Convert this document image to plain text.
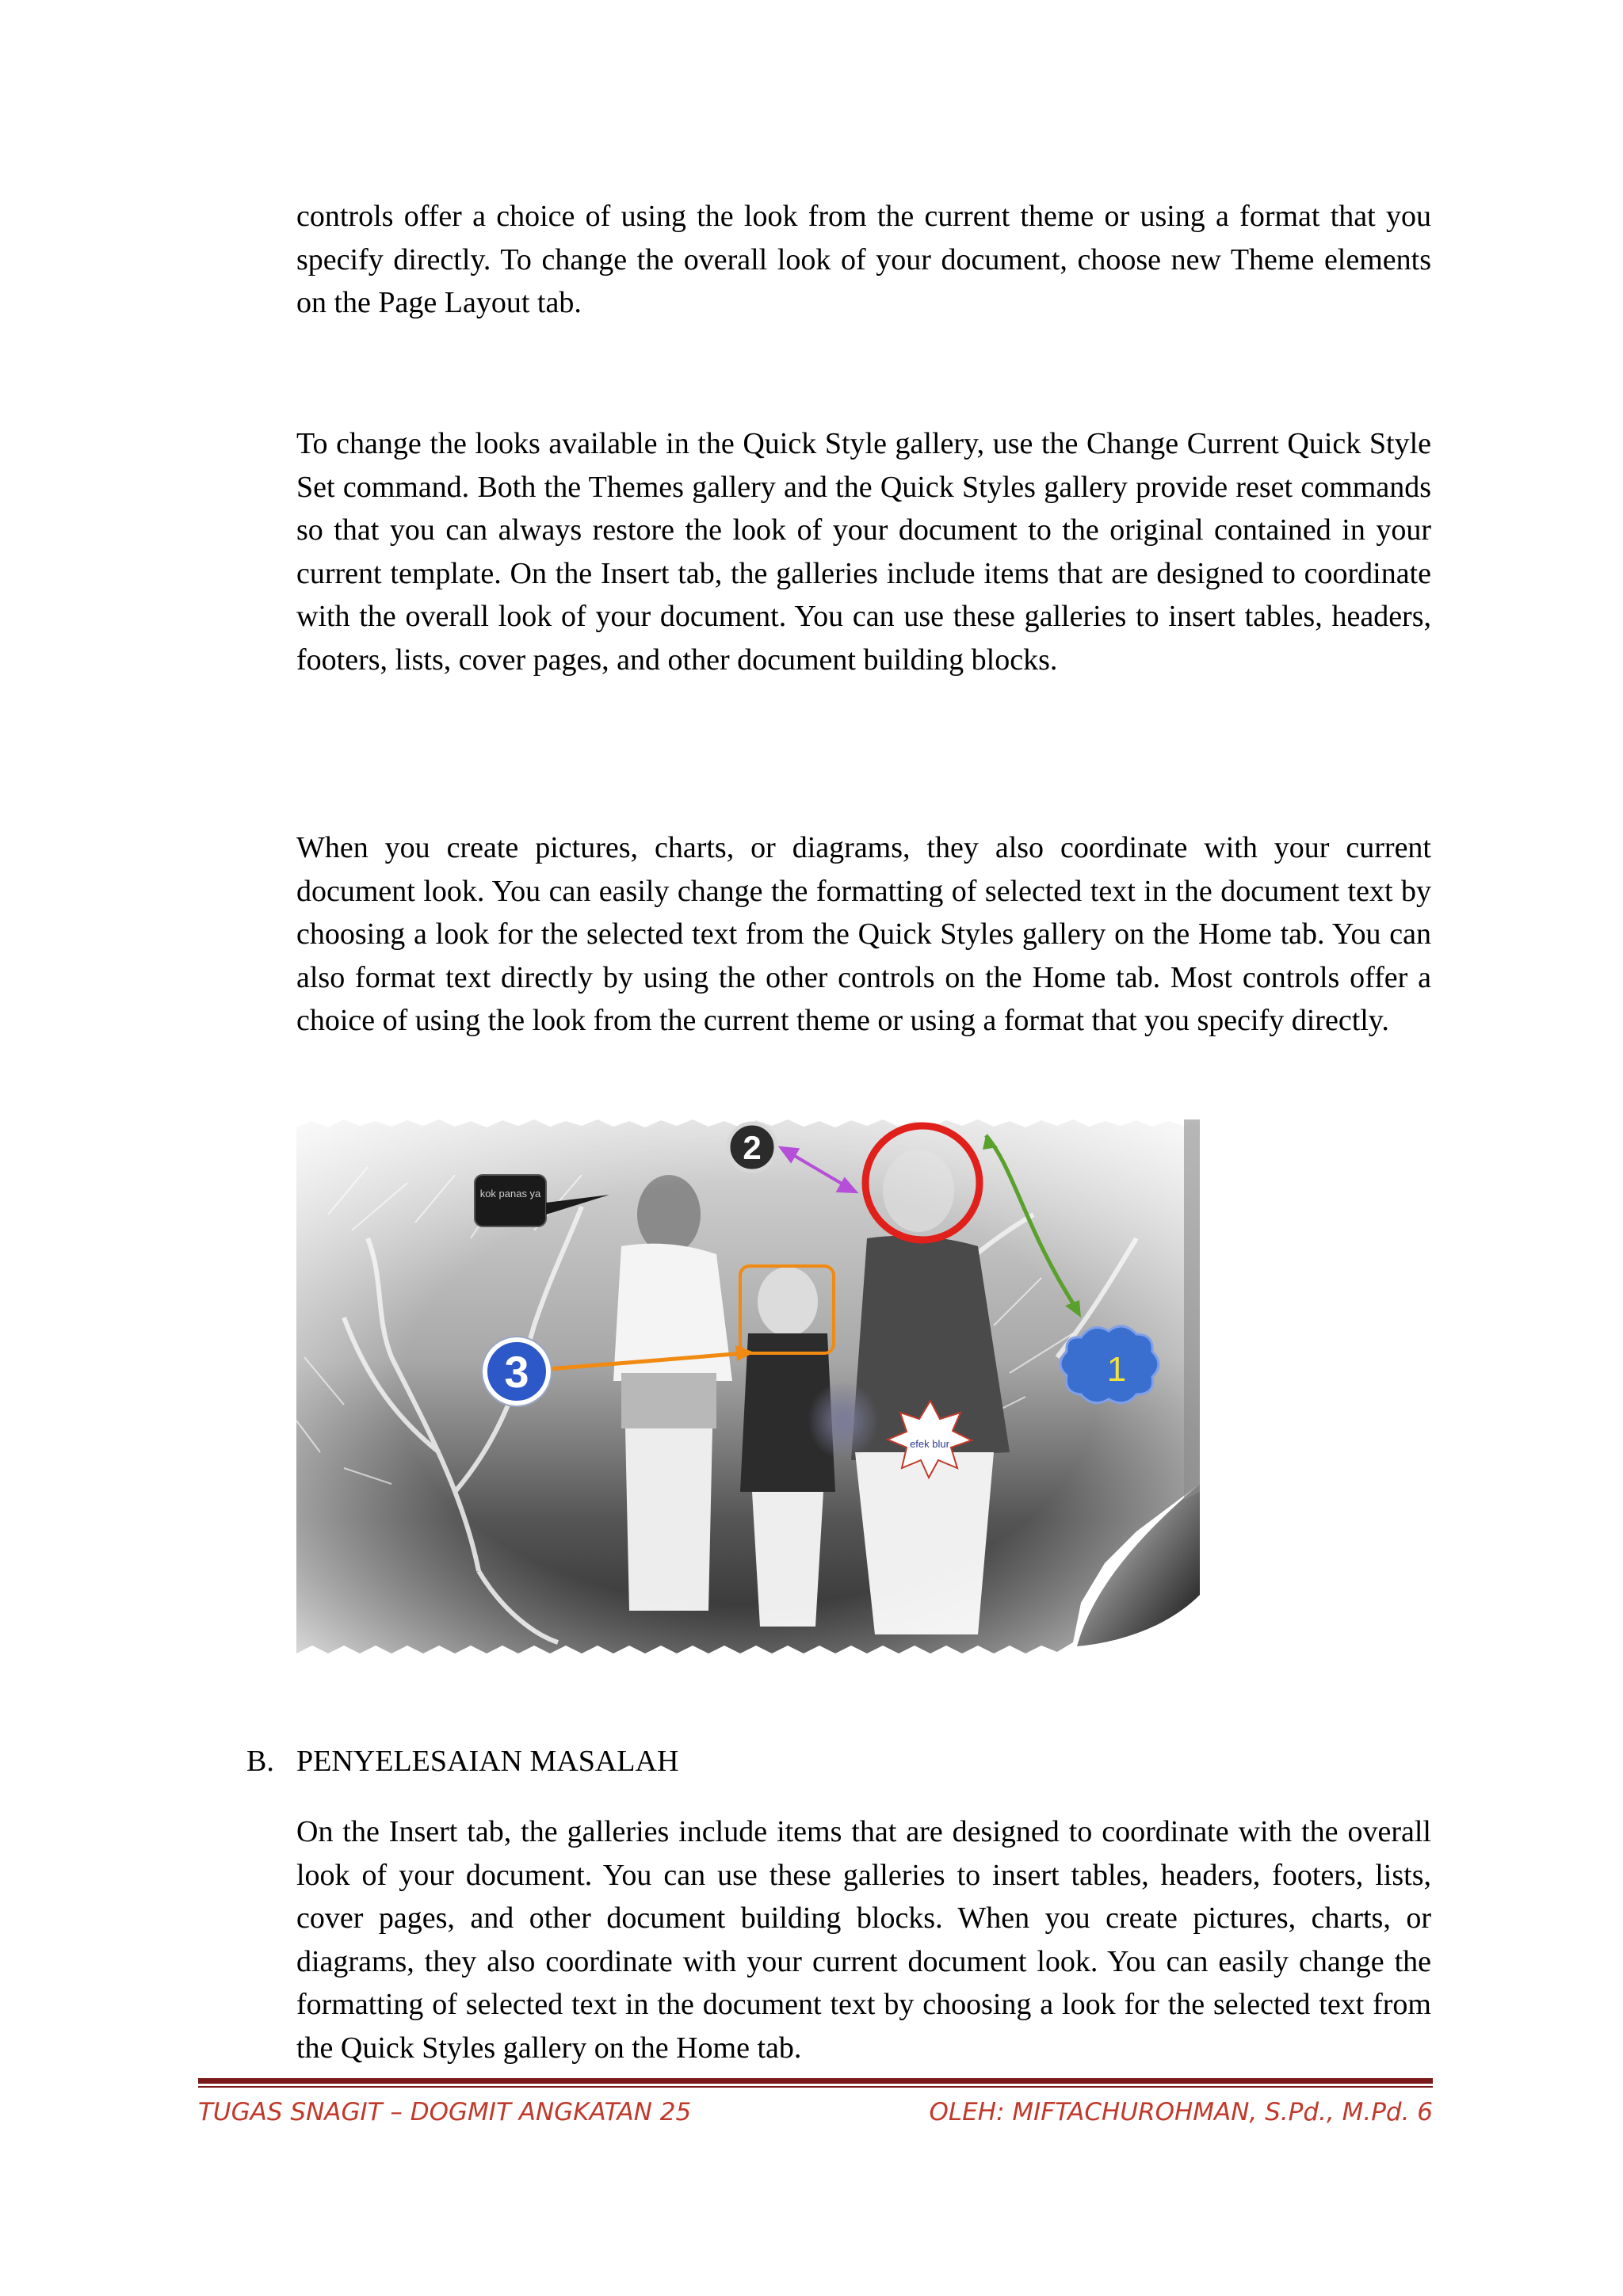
controls offer a choice of using the look from the current theme or using a format that you specify directly. To change the overall look of your document, choose new Theme elements on the Page Layout tab.

To change the looks available in the Quick Style gallery, use the Change Current Quick Style Set command. Both the Themes gallery and the Quick Styles gallery provide reset commands so that you can always restore the look of your document to the original contained in your current template. On the Insert tab, the galleries include items that are designed to coordinate with the overall look of your document. You can use these galleries to insert tables, headers, footers, lists, cover pages, and other document building blocks.

When you create pictures, charts, or diagrams, they also coordinate with your current document look. You can easily change the formatting of selected text in the document text by choosing a look for the selected text from the Quick Styles gallery on the Home tab. You can also format text directly by using the other controls on the Home tab. Most controls offer a choice of using the look from the current theme or using a format that you specify directly.

kok panas ya
2
1
3
efek blur

B. PENYELESAIAN MASALAH

On the Insert tab, the galleries include items that are designed to coordinate with the overall look of your document. You can use these galleries to insert tables, headers, footers, lists, cover pages, and other document building blocks. When you create pictures, charts, or diagrams, they also coordinate with your current document look. You can easily change the formatting of selected text in the document text by choosing a look for the selected text from the Quick Styles gallery on the Home tab.

TUGAS SNAGIT – DOGMIT ANGKATAN 25	OLEH: MIFTACHUROHMAN, S.Pd., M.Pd. 6
